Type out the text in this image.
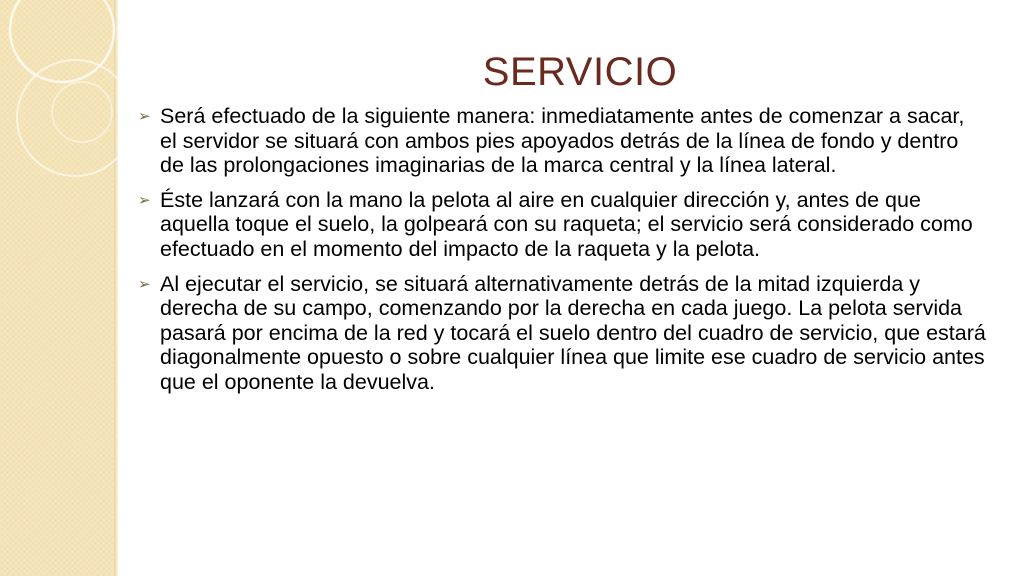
SERVICIO
➢ Será efectuado de la siguiente manera: inmediatamente antes de comenzar a sacar, el servidor se situará con ambos pies apoyados detrás de la línea de fondo y dentro de las prolongaciones imaginarias de la marca central y la línea lateral.
➢ Éste lanzará con la mano la pelota al aire en cualquier dirección y, antes de que aquella toque el suelo, la golpeará con su raqueta; el servicio será considerado como efectuado en el momento del impacto de la raqueta y la pelota.
➢ Al ejecutar el servicio, se situará alternativamente detrás de la mitad izquierda y derecha de su campo, comenzando por la derecha en cada juego. La pelota servida pasará por encima de la red y tocará el suelo dentro del cuadro de servicio, que estará diagonalmente opuesto o sobre cualquier línea que limite ese cuadro de servicio antes que el oponente la devuelva.
